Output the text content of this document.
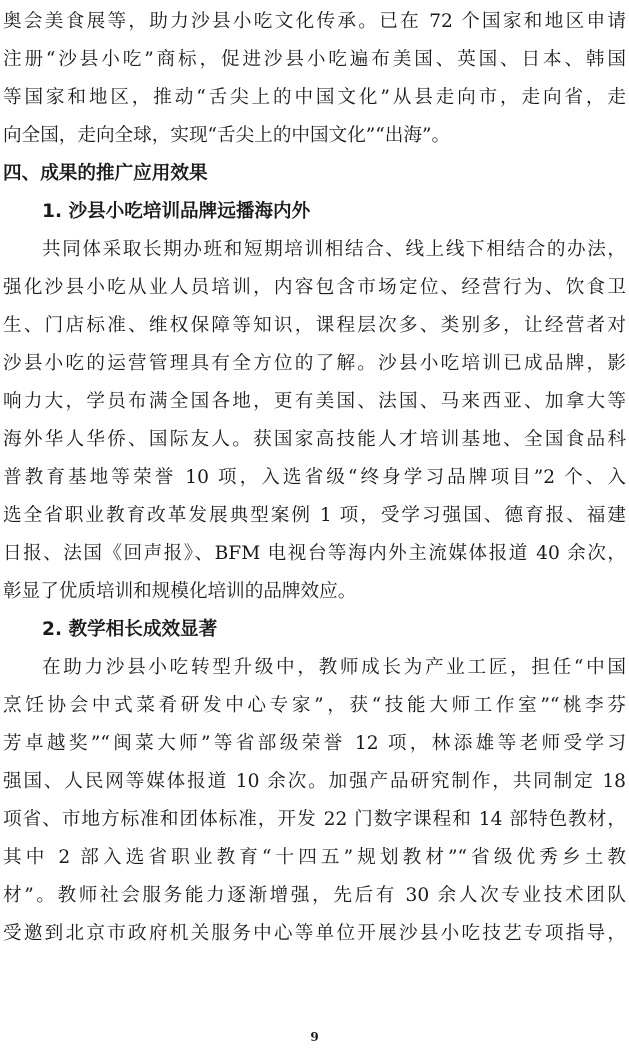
奥会美食展等，助力沙县小吃文化传承。已在 72 个国家和地区申请
注册“沙县小吃”商标，促进沙县小吃遍布美国、英国、日本、韩国
等国家和地区，推动“舌尖上的中国文化”从县走向市，走向省，走
向全国，走向全球，实现“舌尖上的中国文化”“出海”。
四、成果的推广应用效果
1. 沙县小吃培训品牌远播海内外
共同体采取长期办班和短期培训相结合、线上线下相结合的办法，
强化沙县小吃从业人员培训，内容包含市场定位、经营行为、饮食卫
生、门店标准、维权保障等知识，课程层次多、类别多，让经营者对
沙县小吃的运营管理具有全方位的了解。沙县小吃培训已成品牌，影
响力大，学员布满全国各地，更有美国、法国、马来西亚、加拿大等
海外华人华侨、国际友人。获国家高技能人才培训基地、全国食品科
普教育基地等荣誉 10 项，入选省级“终身学习品牌项目”2 个、入
选全省职业教育改革发展典型案例 1 项，受学习强国、德育报、福建
日报、法国《回声报》、BFM 电视台等海内外主流媒体报道 40 余次，
彰显了优质培训和规模化培训的品牌效应。
2. 教学相长成效显著
在助力沙县小吃转型升级中，教师成长为产业工匠，担任“中国
烹饪协会中式菜肴研发中心专家”，获“技能大师工作室”“桃李芬
芳卓越奖”“闽菜大师”等省部级荣誉 12 项，林添雄等老师受学习
强国、人民网等媒体报道 10 余次。加强产品研究制作，共同制定 18
项省、市地方标准和团体标准，开发 22 门数字课程和 14 部特色教材，
其中 2 部入选省职业教育“十四五”规划教材”“省级优秀乡土教
材”。教师社会服务能力逐渐增强，先后有 30 余人次专业技术团队
受邀到北京市政府机关服务中心等单位开展沙县小吃技艺专项指导，
9
